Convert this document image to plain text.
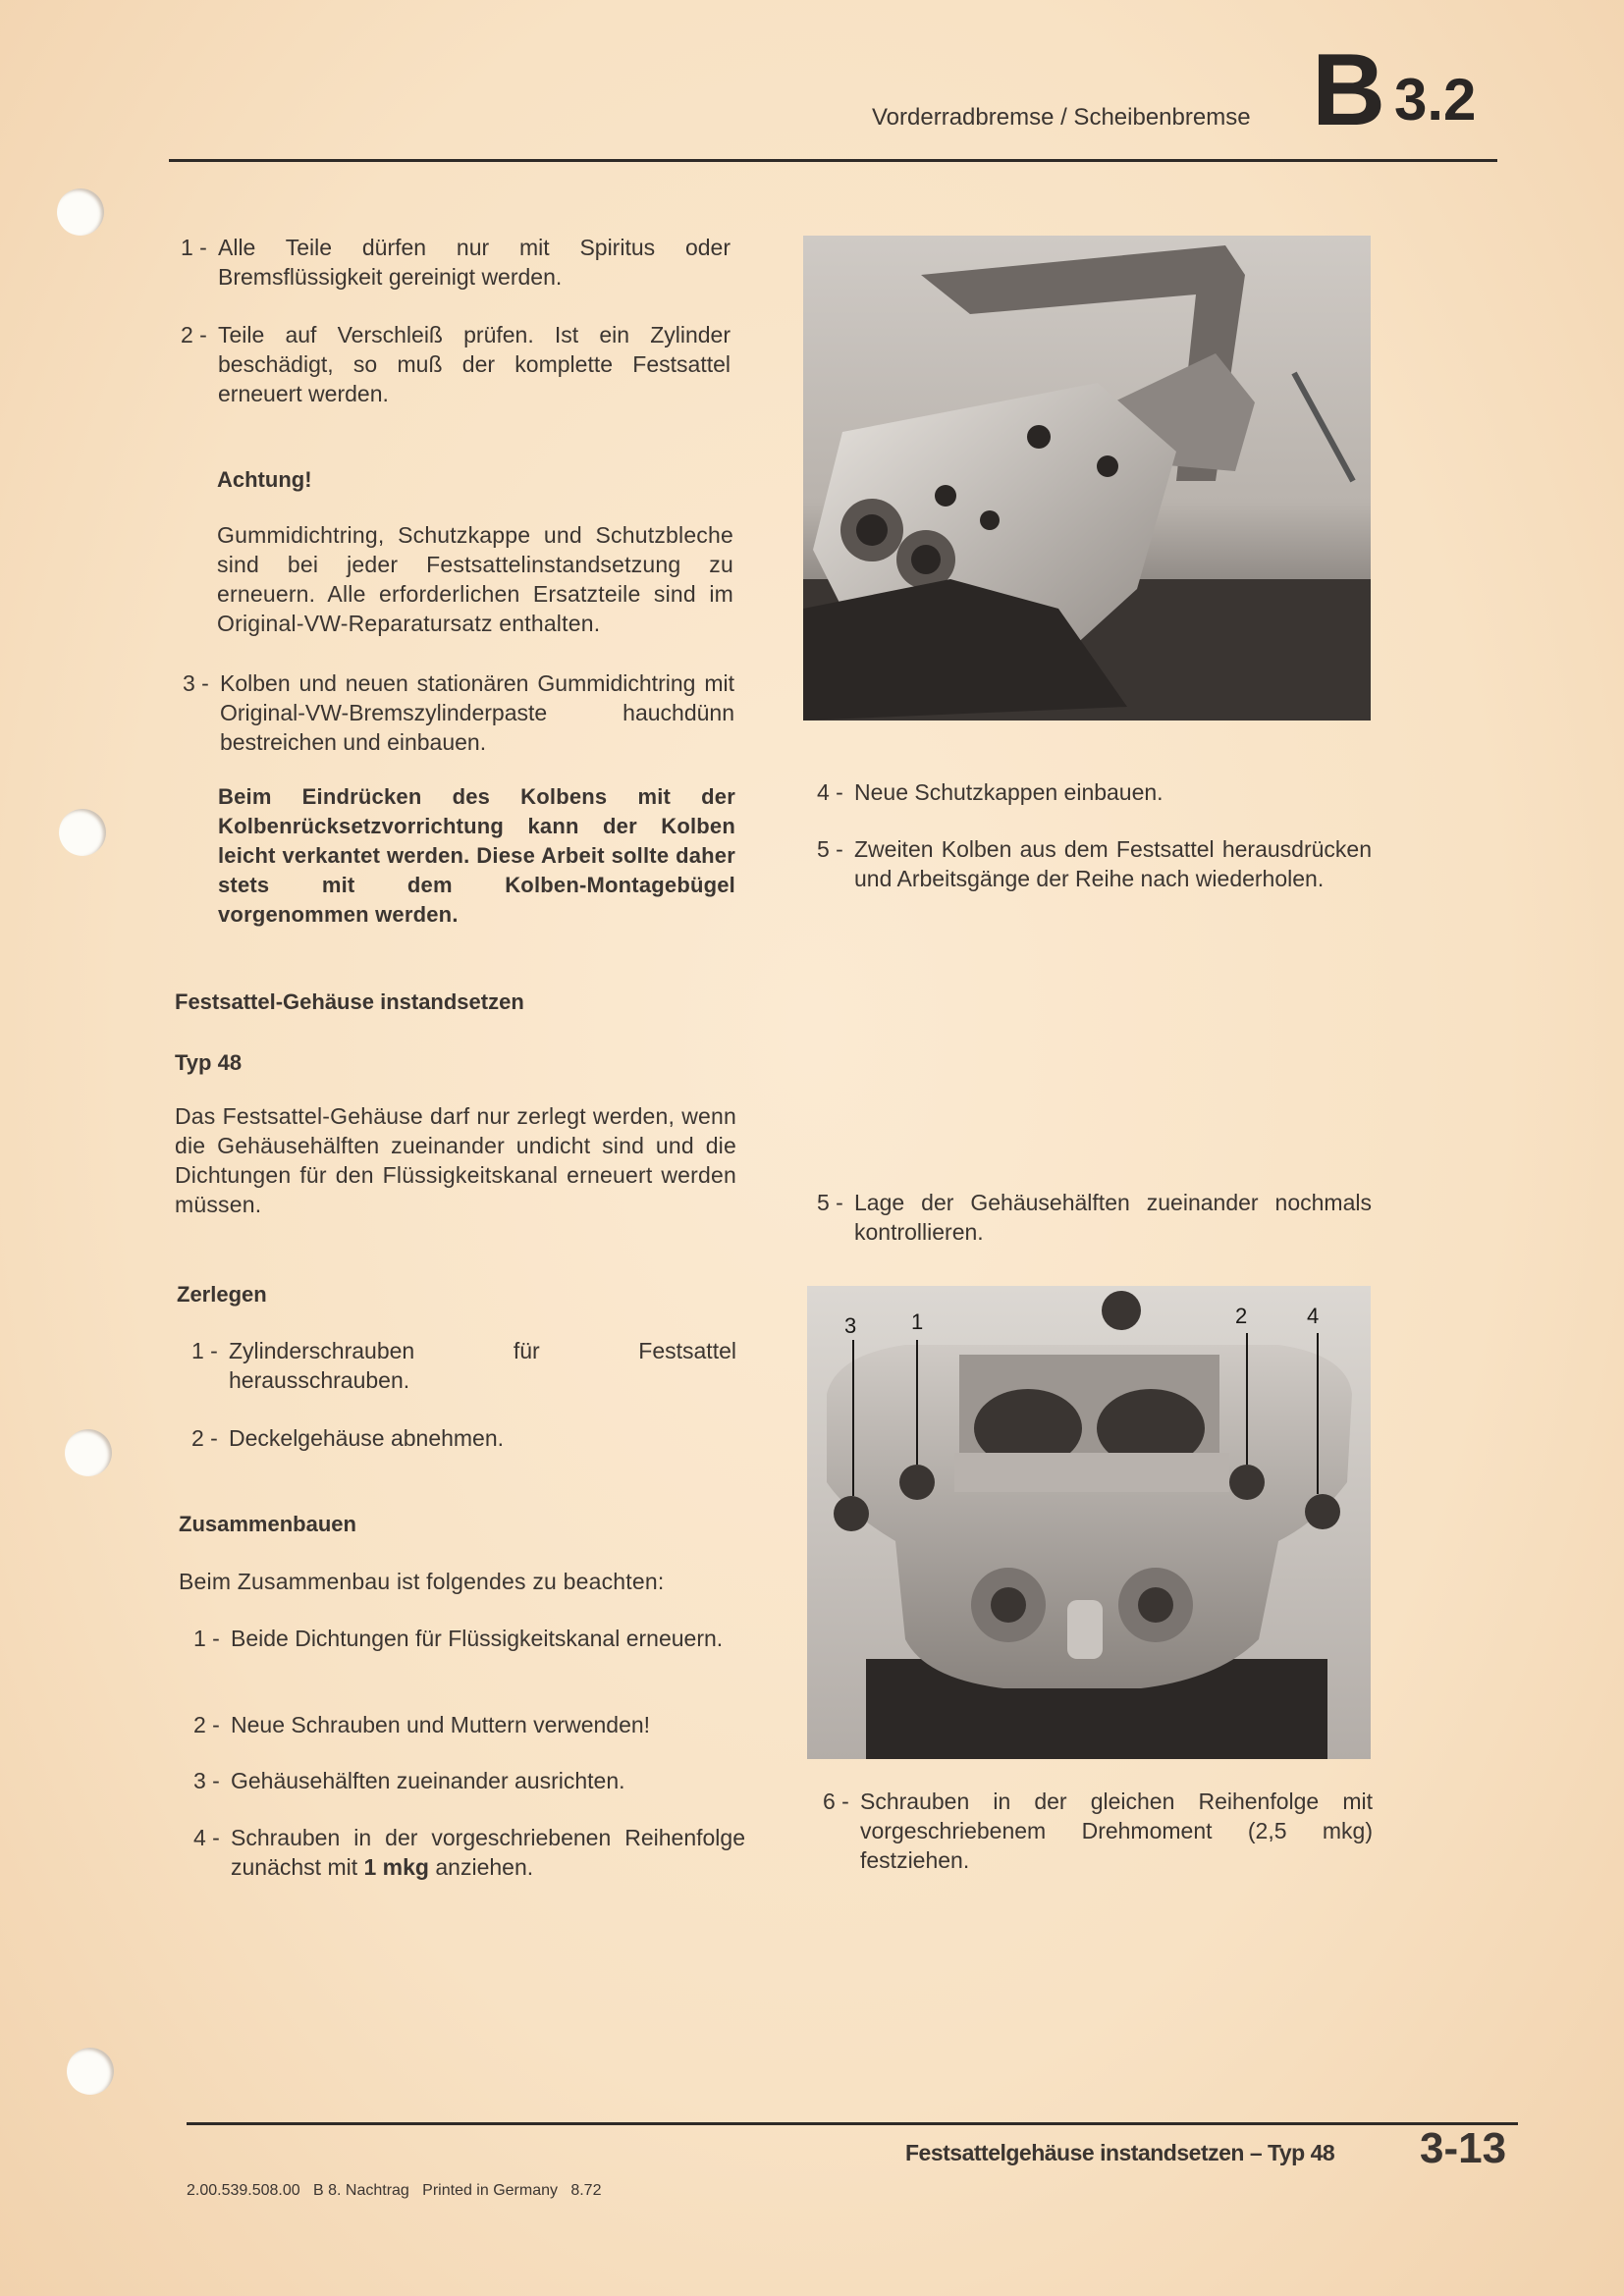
Vorderradbremse / Scheibenbremse B 3.2
1 - Alle Teile dürfen nur mit Spiritus oder Bremsflüssigkeit gereinigt werden.
2 - Teile auf Verschleiß prüfen. Ist ein Zylinder beschädigt, so muß der komplette Festsattel erneuert werden.
Achtung!
Gummidichtring, Schutzkappe und Schutzbleche sind bei jeder Festsattelinstandsetzung zu erneuern. Alle erforderlichen Ersatzteile sind im Original-VW-Reparatursatz enthalten.
3 - Kolben und neuen stationären Gummidichtring mit Original-VW-Bremszylinderpaste hauchdünn bestreichen und einbauen.
Beim Eindrücken des Kolbens mit der Kolbenrücksetzvorrichtung kann der Kolben leicht verkantet werden. Diese Arbeit sollte daher stets mit dem Kolben-Montagebügel vorgenommen werden.
Festsattel-Gehäuse instandsetzen
Typ 48
Das Festsattel-Gehäuse darf nur zerlegt werden, wenn die Gehäusehälften zueinander undicht sind und die Dichtungen für den Flüssigkeitskanal erneuert werden müssen.
Zerlegen
1 - Zylinderschrauben für Festsattel herausschrauben.
2 - Deckelgehäuse abnehmen.
Zusammenbauen
Beim Zusammenbau ist folgendes zu beachten:
1 - Beide Dichtungen für Flüssigkeitskanal erneuern.
2 - Neue Schrauben und Muttern verwenden!
3 - Gehäusehälften zueinander ausrichten.
4 - Schrauben in der vorgeschriebenen Reihenfolge zunächst mit 1 mkg anziehen.
4 - Neue Schutzkappen einbauen.
5 - Zweiten Kolben aus dem Festsattel herausdrücken und Arbeitsgänge der Reihe nach wiederholen.
5 - Lage der Gehäusehälften zueinander nochmals kontrollieren.
3	1	2	4
6 - Schrauben in der gleichen Reihenfolge mit vorgeschriebenem Drehmoment (2,5 mkg) festziehen.
Festsattelgehäuse instandsetzen – Typ 48 3-13
2.00.539.508.00   B 8. Nachtrag   Printed in Germany   8.72
